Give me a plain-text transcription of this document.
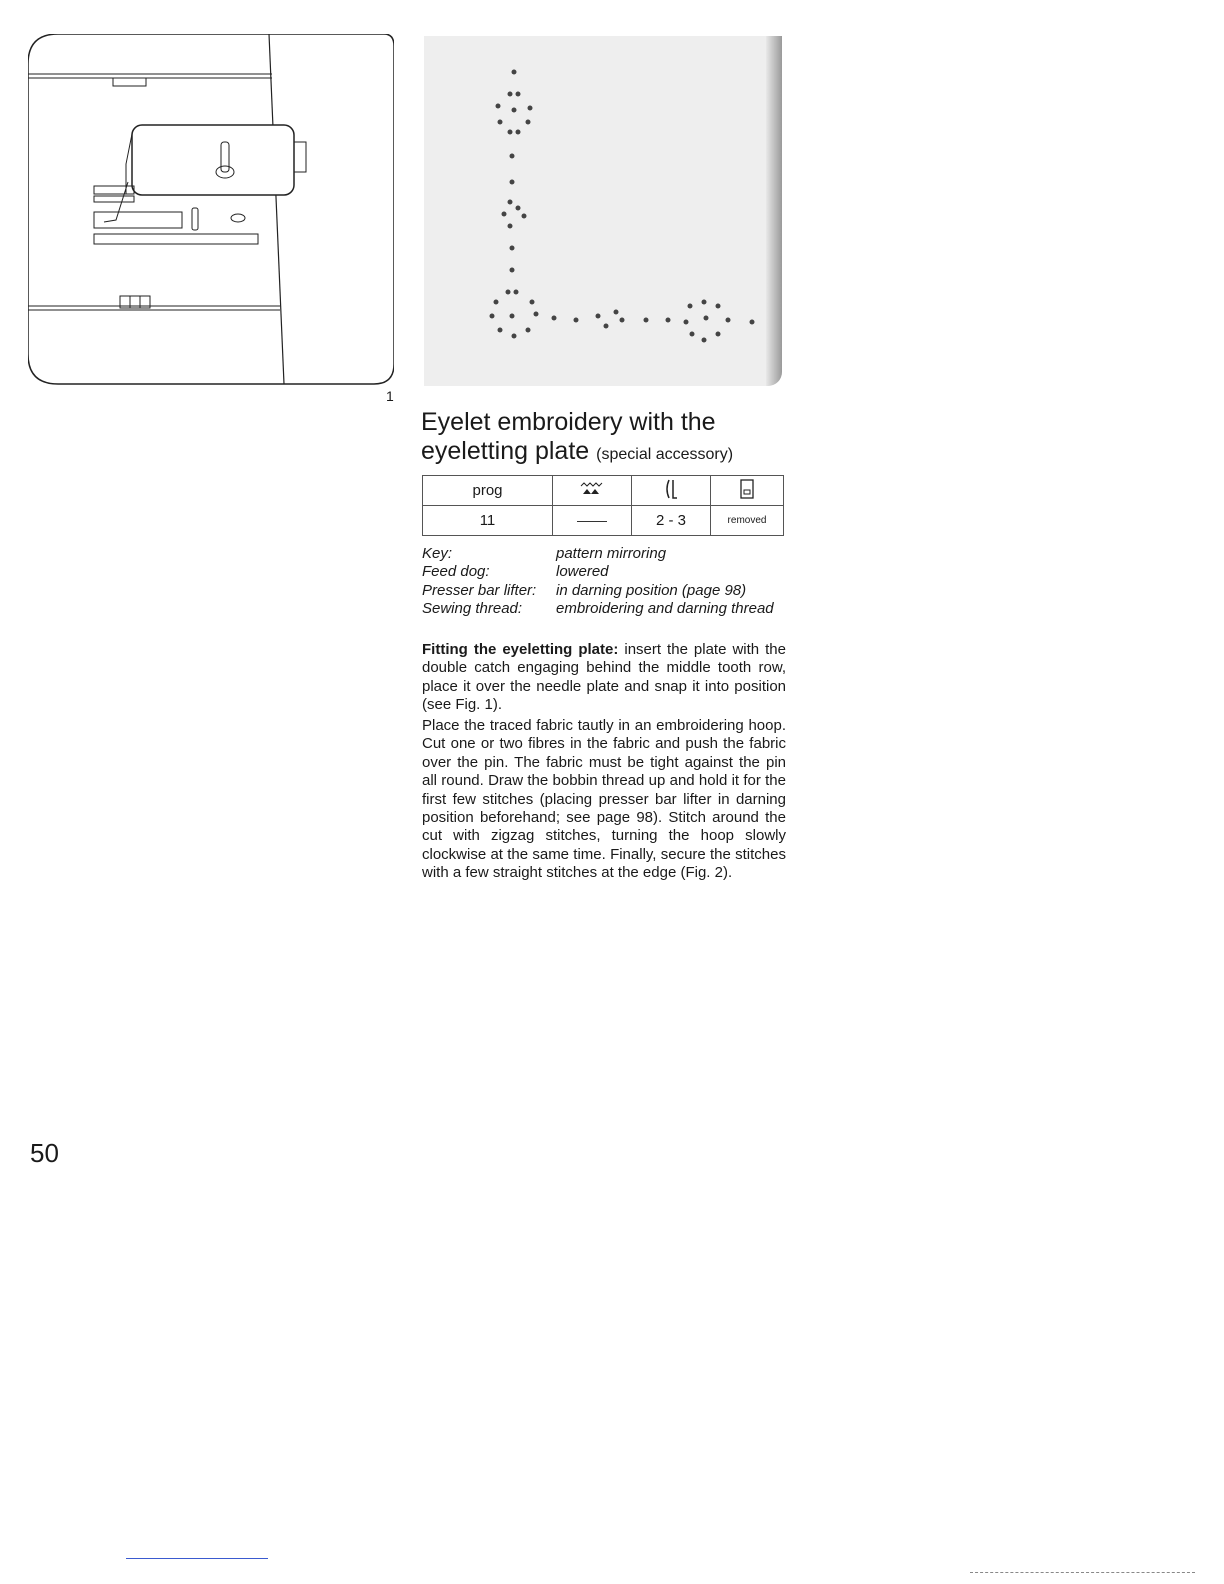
1
Eyelet embroidery with the eyeletting plate (special accessory)
prog			
11		2 - 3	removed
Key:	pattern mirroring
Feed dog:	lowered
Presser bar lifter:	in darning position (page 98)
Sewing thread:	embroidering and darning thread

Fitting the eyeletting plate: insert the plate with the double catch engaging behind the middle tooth row, place it over the needle plate and snap it into position (see Fig. 1).

Place the traced fabric tautly in an embroidering hoop. Cut one or two fibres in the fabric and push the fabric over the pin. The fabric must be tight against the pin all round. Draw the bobbin thread up and hold it for the first few stitches (placing presser bar lifter in darning position beforehand; see page 98). Stitch around the cut with zigzag stitches, turning the hoop slowly clockwise at the same time. Finally, secure the stitches with a few straight stitches at the edge (Fig. 2).

50
